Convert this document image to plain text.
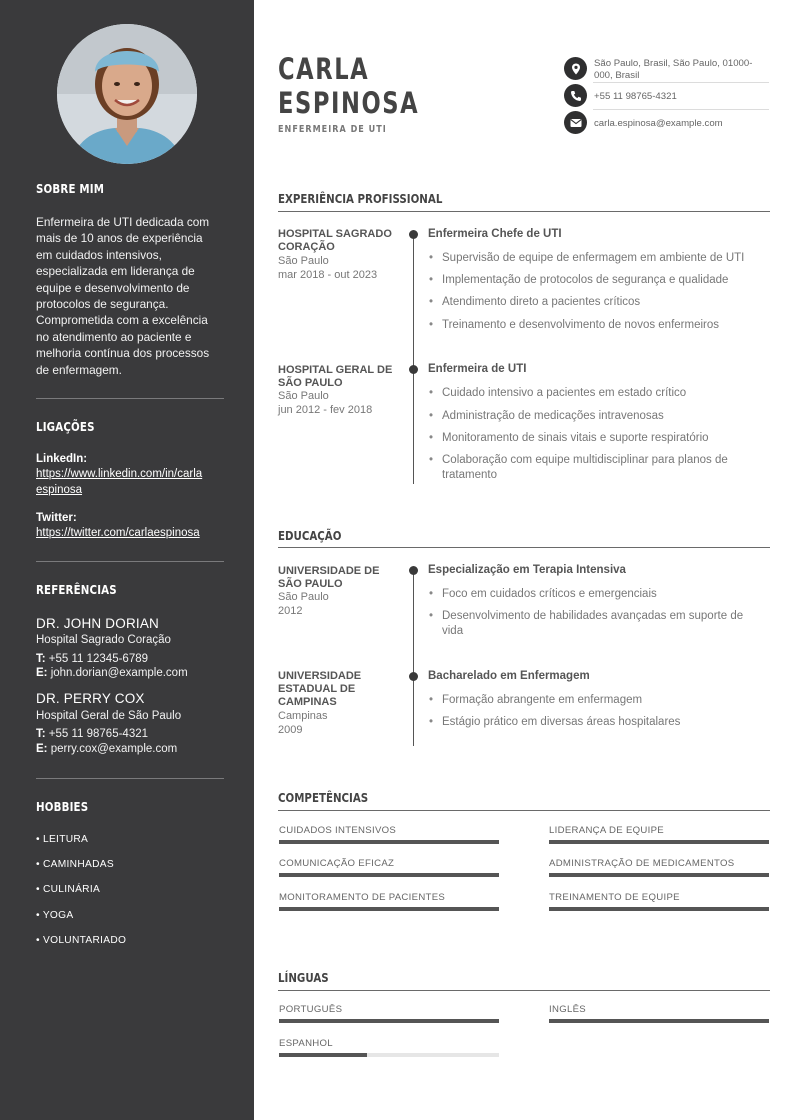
SOBRE MIM
Enfermeira de UTI dedicada com mais de 10 anos de experiência em cuidados intensivos, especializada em liderança de equipe e desenvolvimento de protocolos de segurança. Comprometida com a excelência no atendimento ao paciente e melhoria contínua dos processos de enfermagem.
LIGAÇÕES
LinkedIn:
https://www.linkedin.com/in/carla espinosa
Twitter:
https://twitter.com/carlaespinosa
REFERÊNCIAS
DR. JOHN DORIAN
Hospital Sagrado Coração
T: +55 11 12345-6789
E: john.dorian@example.com
DR. PERRY COX
Hospital Geral de São Paulo
T: +55 11 98765-4321
E: perry.cox@example.com
HOBBIES
• LEITURA
• CAMINHADAS
• CULINÁRIA
• YOGA
• VOLUNTARIADO
CARLA
ESPINOSA
ENFERMEIRA DE UTI
São Paulo, Brasil, São Paulo, 01000-000, Brasil
+55 11 98765-4321
carla.espinosa@example.com
EXPERIÊNCIA PROFISSIONAL
HOSPITAL SAGRADO CORAÇÃO
São Paulo
mar 2018 - out 2023
Enfermeira Chefe de UTI
• Supervisão de equipe de enfermagem em ambiente de UTI
• Implementação de protocolos de segurança e qualidade
• Atendimento direto a pacientes críticos
• Treinamento e desenvolvimento de novos enfermeiros
HOSPITAL GERAL DE SÃO PAULO
São Paulo
jun 2012 - fev 2018
Enfermeira de UTI
• Cuidado intensivo a pacientes em estado crítico
• Administração de medicações intravenosas
• Monitoramento de sinais vitais e suporte respiratório
• Colaboração com equipe multidisciplinar para planos de tratamento
EDUCAÇÃO
UNIVERSIDADE DE SÃO PAULO
São Paulo
2012
Especialização em Terapia Intensiva
• Foco em cuidados críticos e emergenciais
• Desenvolvimento de habilidades avançadas em suporte de vida
UNIVERSIDADE ESTADUAL DE CAMPINAS
Campinas
2009
Bacharelado em Enfermagem
• Formação abrangente em enfermagem
• Estágio prático em diversas áreas hospitalares
COMPETÊNCIAS
CUIDADOS INTENSIVOS	LIDERANÇA DE EQUIPE
COMUNICAÇÃO EFICAZ	ADMINISTRAÇÃO DE MEDICAMENTOS
MONITORAMENTO DE PACIENTES	TREINAMENTO DE EQUIPE
LÍNGUAS
PORTUGUÊS	INGLÊS
ESPANHOL
